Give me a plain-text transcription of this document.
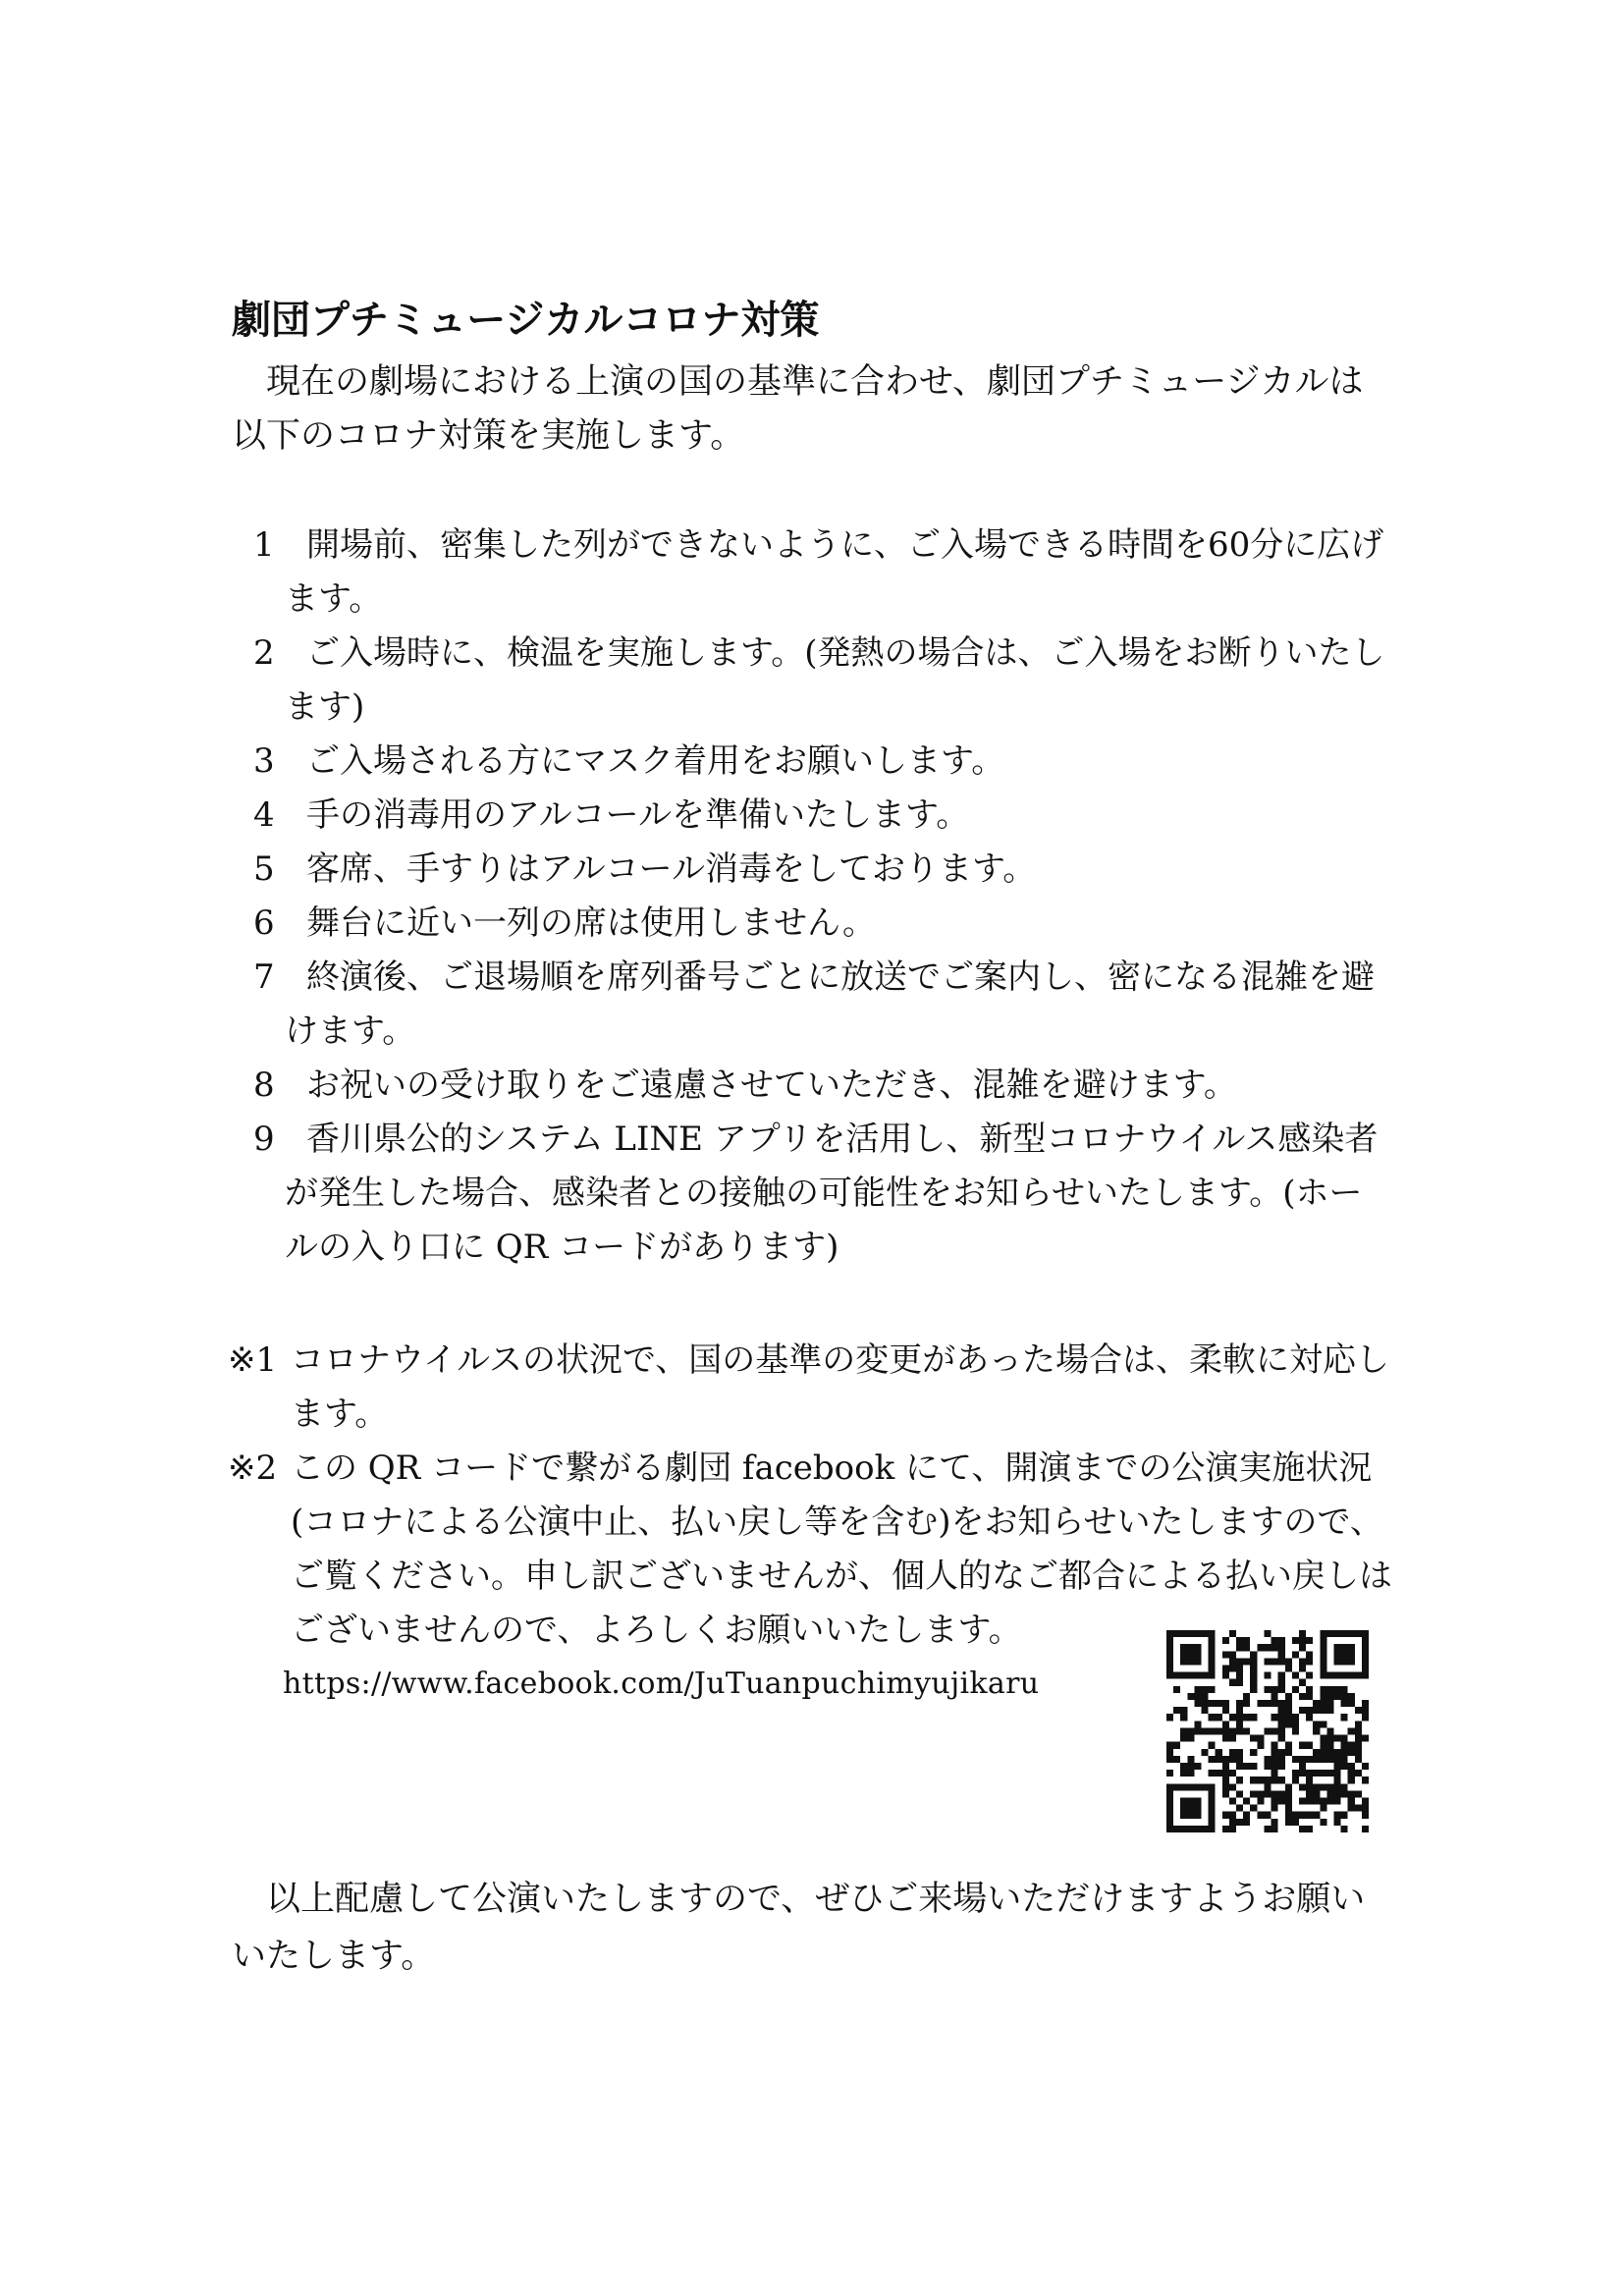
劇団プチミュージカルコロナ対策
現在の劇場における上演の国の基準に合わせ、劇団プチミュージカルは以下のコロナ対策を実施します。
1 開場前、密集した列ができないように、ご入場できる時間を60分に広げます。
2 ご入場時に、検温を実施します。(発熱の場合は、ご入場をお断りいたします)
3 ご入場される方にマスク着用をお願いします。
4 手の消毒用のアルコールを準備いたします。
5 客席、手すりはアルコール消毒をしております。
6 舞台に近い一列の席は使用しません。
7 終演後、ご退場順を席列番号ごとに放送でご案内し、密になる混雑を避けます。
8 お祝いの受け取りをご遠慮させていただき、混雑を避けます。
9 香川県公的システム LINE アプリを活用し、新型コロナウイルス感染者が発生した場合、感染者との接触の可能性をお知らせいたします。(ホールの入り口に QR コードがあります)
※1 コロナウイルスの状況で、国の基準の変更があった場合は、柔軟に対応します。
※2 この QR コードで繋がる劇団 facebook にて、開演までの公演実施状況(コロナによる公演中止、払い戻し等を含む)をお知らせいたしますので、ご覧ください。申し訳ございませんが、個人的なご都合による払い戻しはございませんので、よろしくお願いいたします。
https://www.facebook.com/JuTuanpuchimyujikaru
以上配慮して公演いたしますので、ぜひご来場いただけますようお願いいたします。
